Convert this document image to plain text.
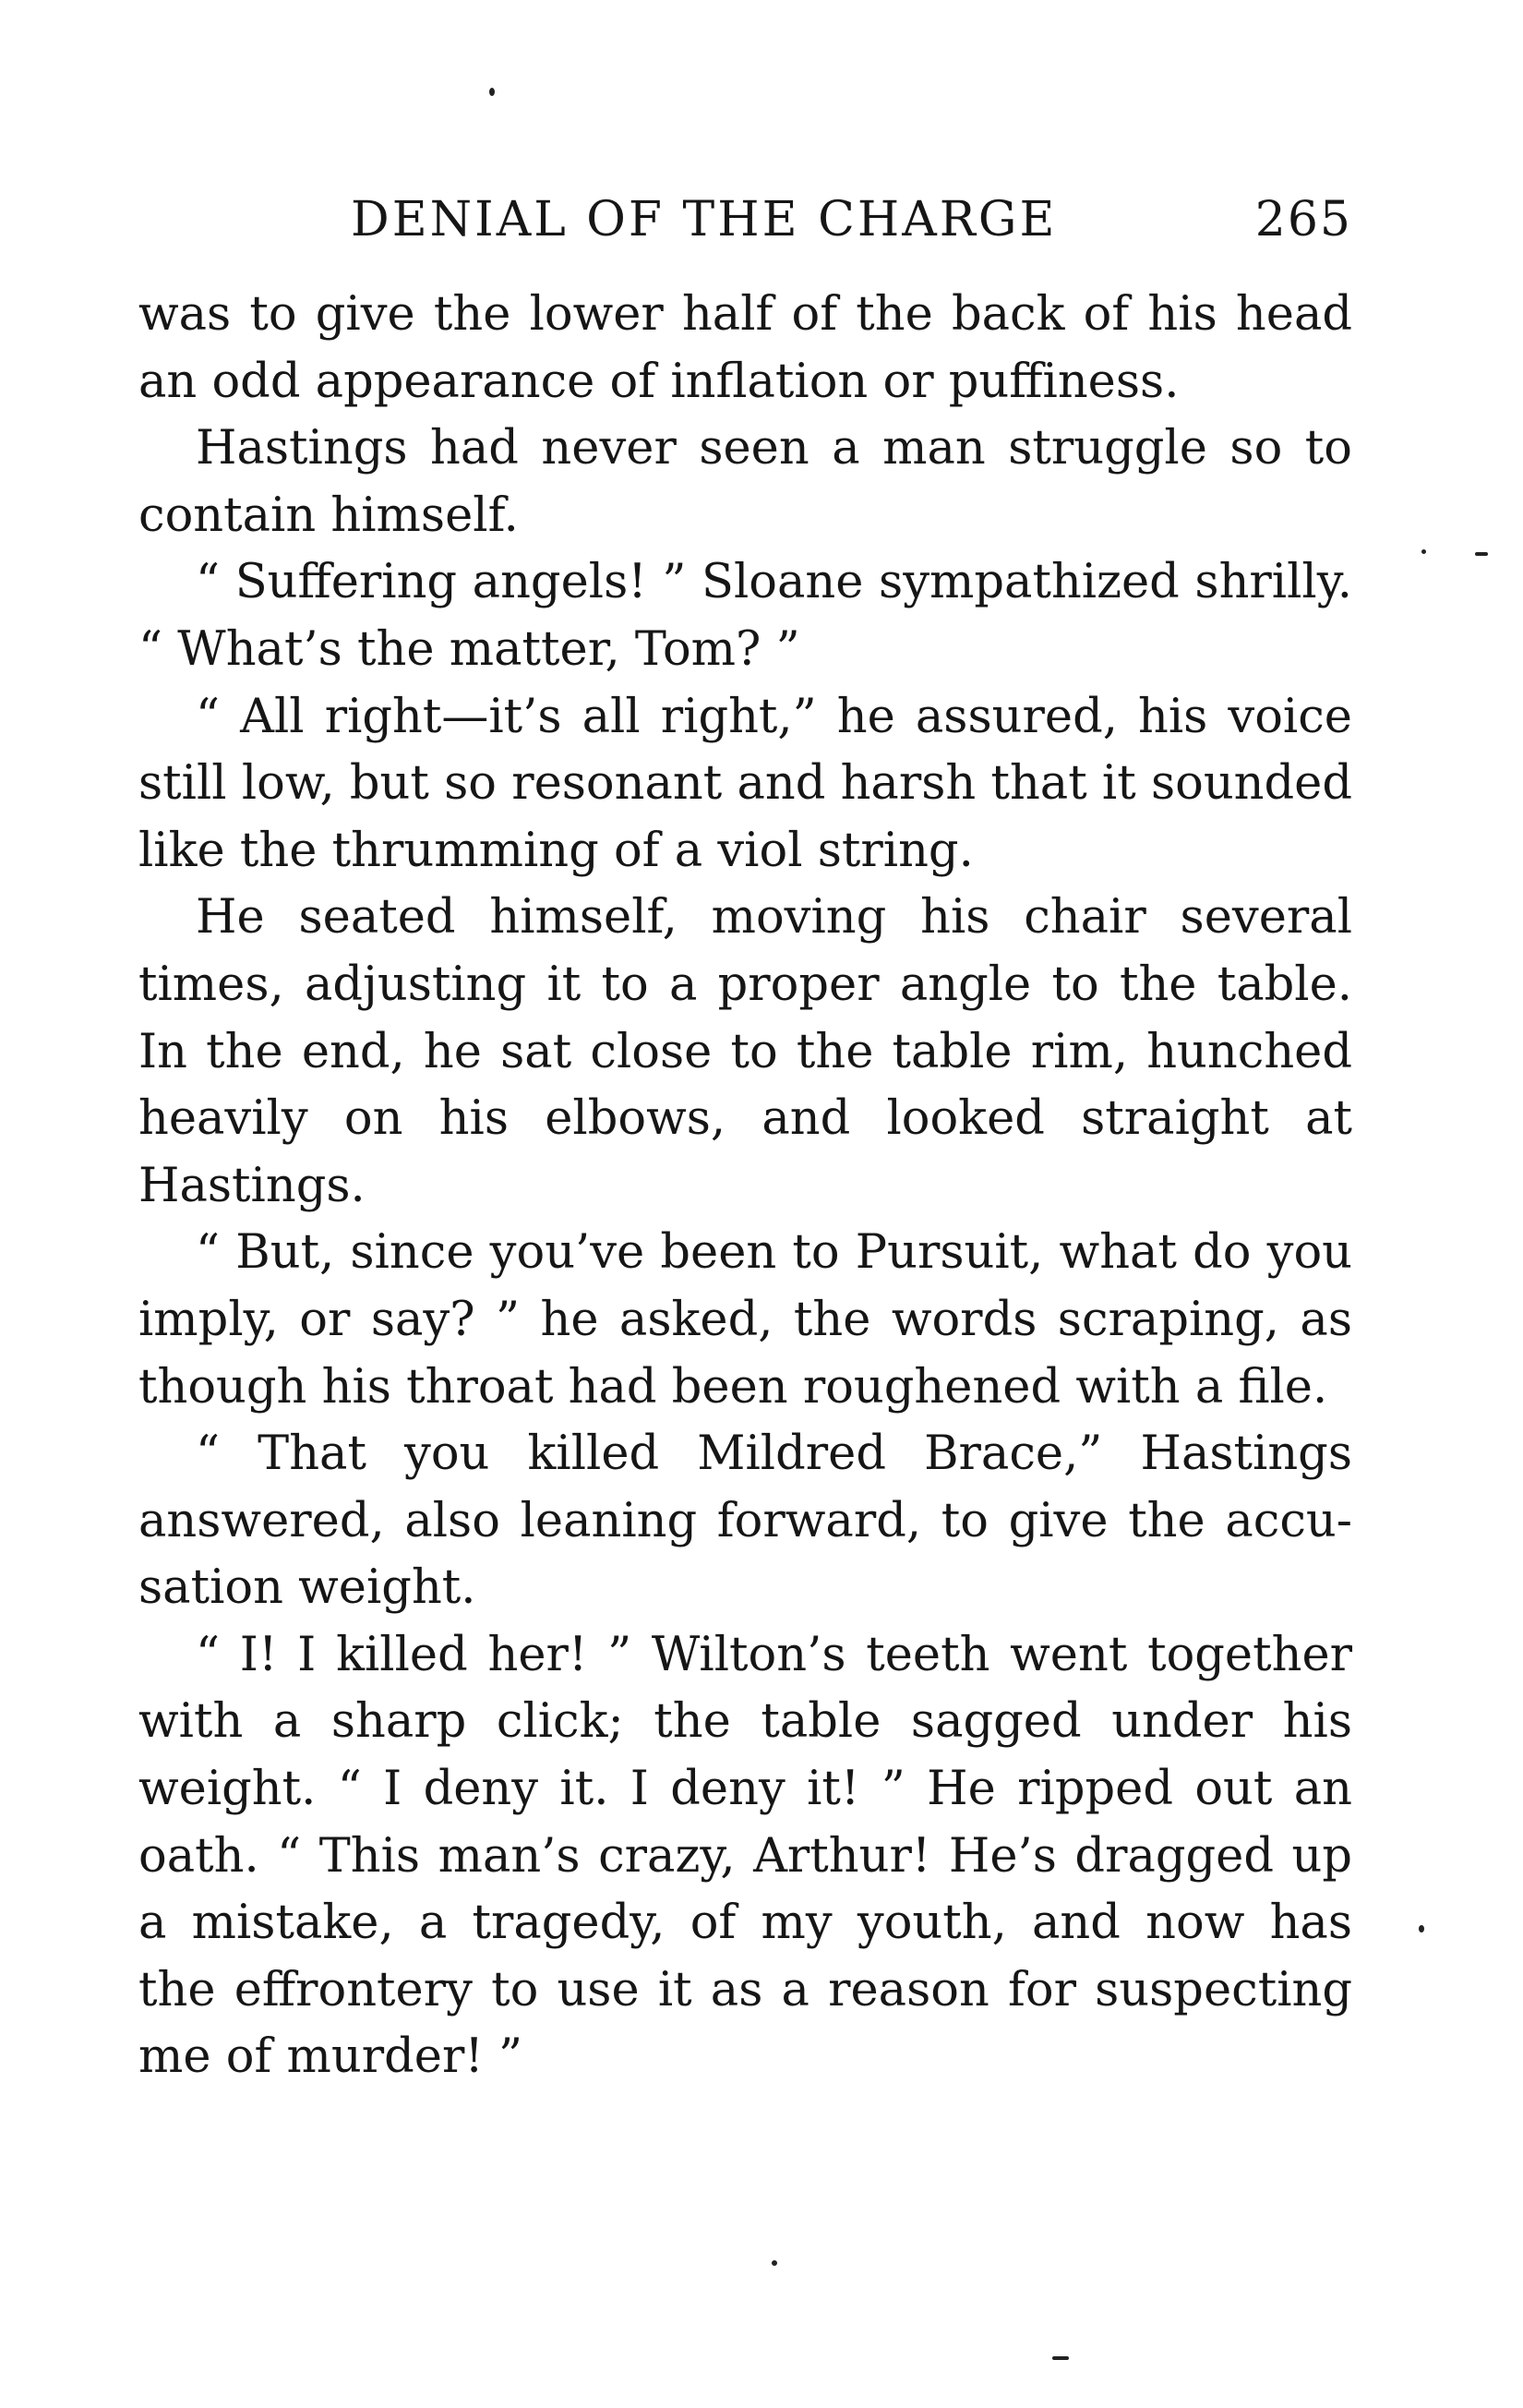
DENIAL OF THE CHARGE	265

was to give the lower half of the back of his head an odd appearance of inflation or puffiness.

Hastings had never seen a man struggle so to contain himself.

“ Suffering angels! ” Sloane sympathized shrilly. “ What’s the matter, Tom? ”

“ All right—it’s all right,” he assured, his voice still low, but so resonant and harsh that it sounded like the thrumming of a viol string.

He seated himself, moving his chair several times, adjusting it to a proper angle to the table. In the end, he sat close to the table rim, hunched heavily on his elbows, and looked straight at Hastings.

“ But, since you’ve been to Pursuit, what do you imply, or say? ” he asked, the words scraping, as though his throat had been roughened with a file.

“ That you killed Mildred Brace,” Hastings answered, also leaning forward, to give the accusation weight.

“ I! I killed her! ” Wilton’s teeth went together with a sharp click; the table sagged under his weight. “ I deny it. I deny it! ” He ripped out an oath. “ This man’s crazy, Arthur! He’s dragged up a mistake, a tragedy, of my youth, and now has the effrontery to use it as a reason for suspecting me of murder! ”
